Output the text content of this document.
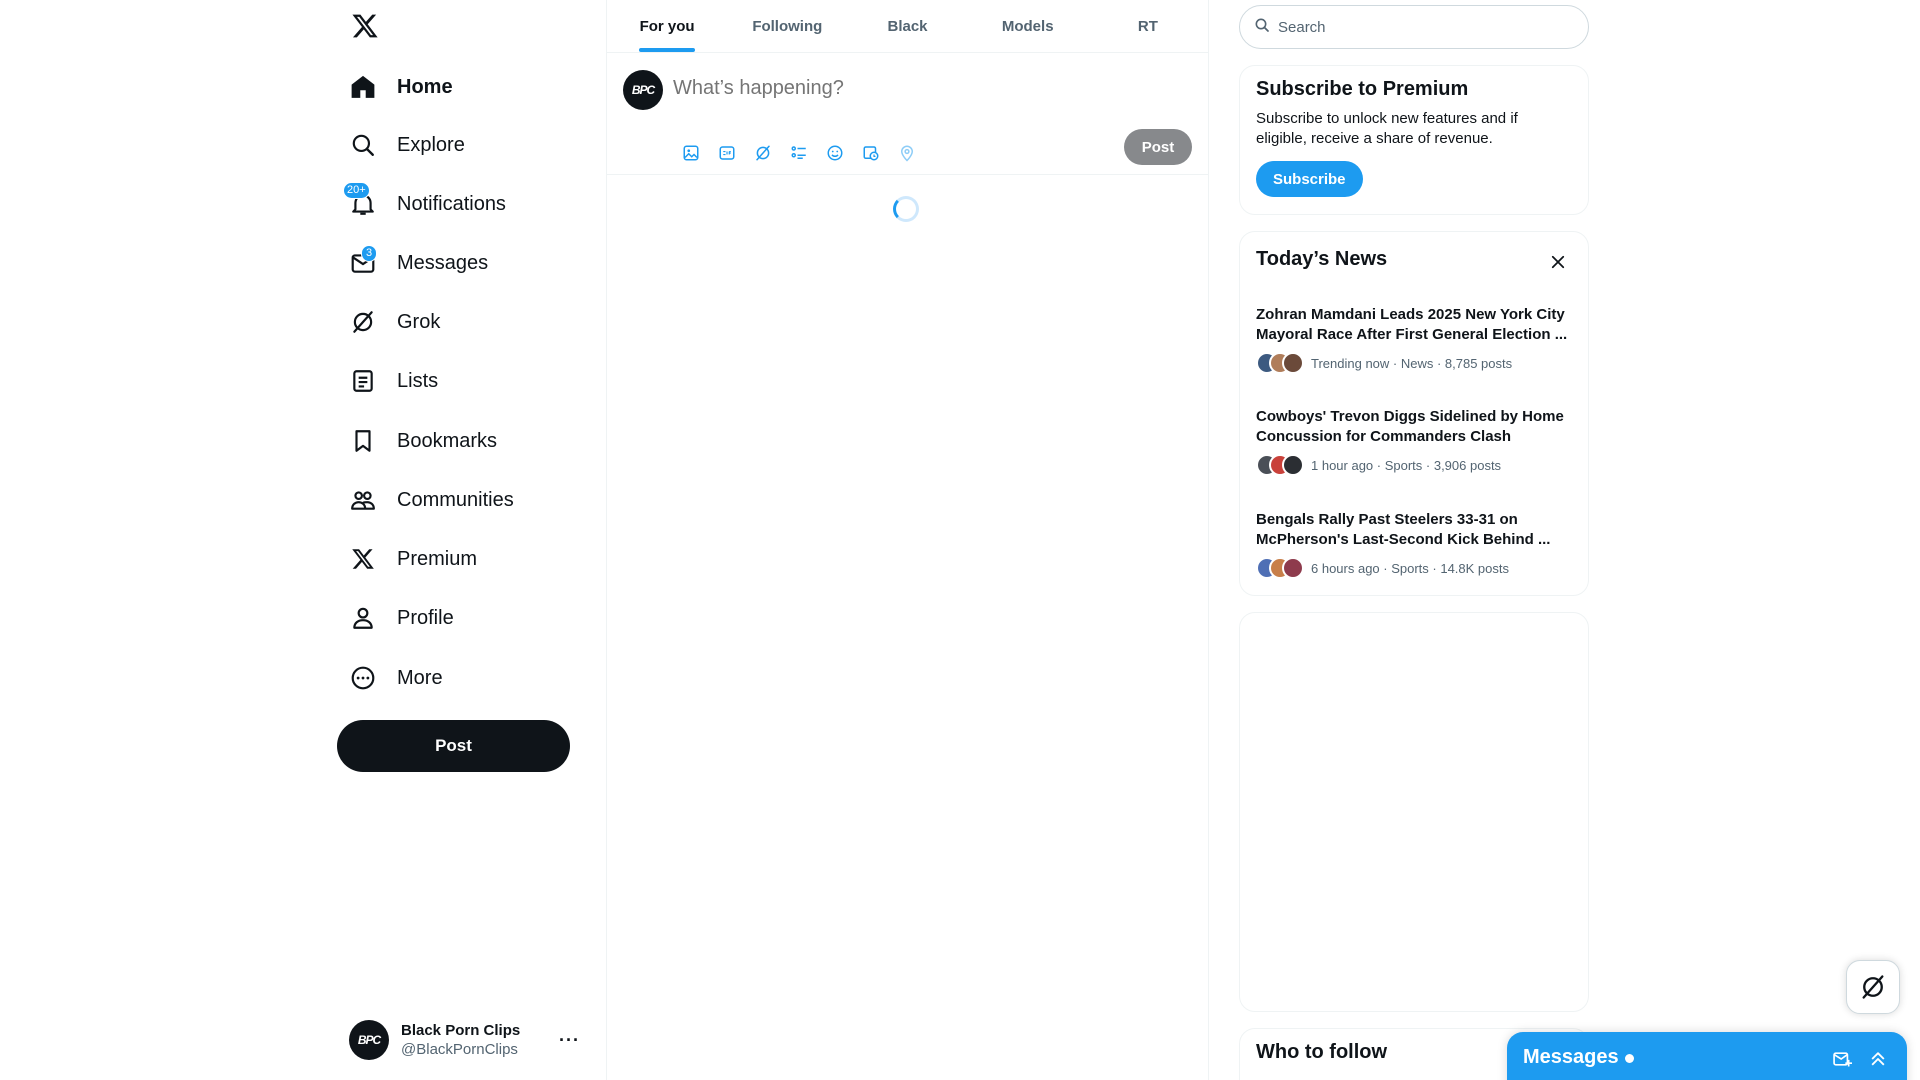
Home
Explore
20+
Notifications
3 Messages
Grok
Lists
Bookmarks
Communities
Premium
Profile
More
Post
BPC
Black Porn Clips
@BlackPornClips	···
For you	Following	Black	Models	RT
BPC
What’s happening?
Post
Search
Subscribe to Premium
Subscribe to unlock new features and if eligible, receive a share of revenue.
Subscribe
Today’s News
Zohran Mamdani Leads 2025 New York City Mayoral Race After First General Election ...
Trending now · News · 8,785 posts
Cowboys' Trevon Diggs Sidelined by Home Concussion for Commanders Clash
1 hour ago · Sports · 3,906 posts
Bengals Rally Past Steelers 33-31 on McPherson's Last-Second Kick Behind ...
6 hours ago · Sports · 14.8K posts
Who to follow	Messages
